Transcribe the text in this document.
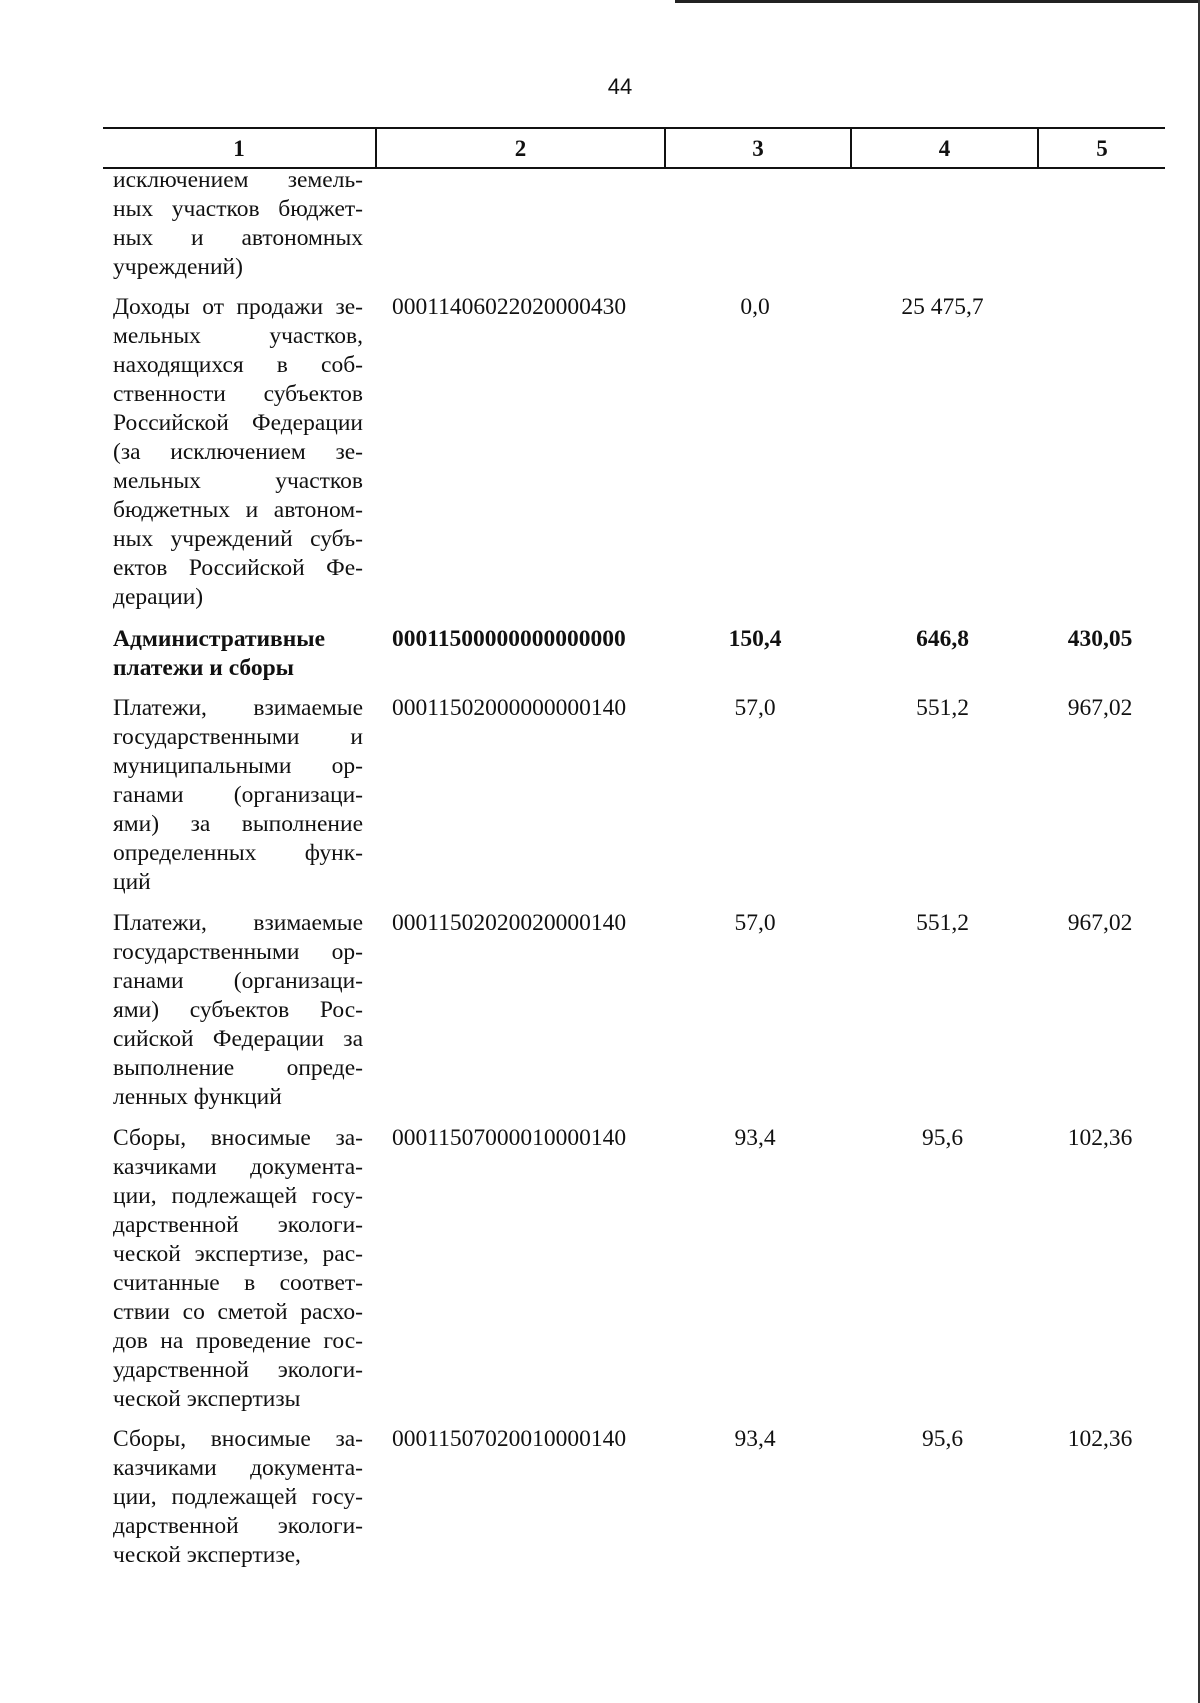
44
1	2	3	4	5
исключением земель-
ных участков бюджет-
ных и автономных
учреждений)
Доходы от продажи зе-
мельных участков,
находящихся в соб-
ственности субъектов
Российской Федерации
(за исключением зе-
мельных участков
бюджетных и автоном-
ных учреждений субъ-
ектов Российской Фе-
дерации)
00011406022020000430	0,0	25 475,7
Административные
платежи и сборы
00011500000000000000	150,4	646,8	430,05
Платежи, взимаемые
государственными и
муниципальными ор-
ганами (организаци-
ями) за выполнение
определенных функ-
ций
00011502000000000140	57,0	551,2	967,02
Платежи, взимаемые
государственными ор-
ганами (организаци-
ями) субъектов Рос-
сийской Федерации за
выполнение опреде-
ленных функций
00011502020020000140	57,0	551,2	967,02
Сборы, вносимые за-
казчиками документа-
ции, подлежащей госу-
дарственной экологи-
ческой экспертизе, рас-
считанные в соответ-
ствии со сметой расхо-
дов на проведение гос-
ударственной экологи-
ческой экспертизы
00011507000010000140	93,4	95,6	102,36
Сборы, вносимые за-
казчиками документа-
ции, подлежащей госу-
дарственной экологи-
ческой экспертизе,
00011507020010000140	93,4	95,6	102,36
